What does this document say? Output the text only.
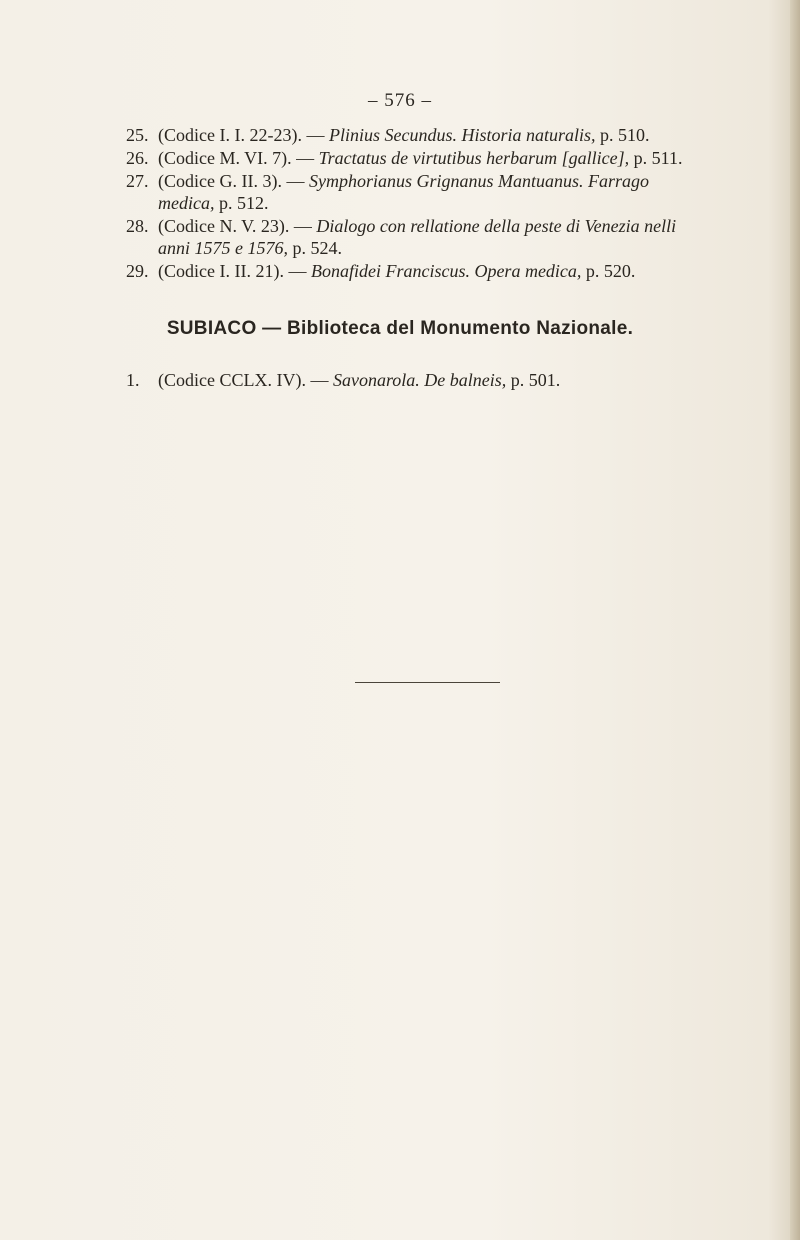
– 576 –
25. (Codice I. I. 22-23). — Plinius Secundus. Historia naturalis, p. 510.
26. (Codice M. VI. 7). — Tractatus de virtutibus herbarum [gallice], p. 511.
27. (Codice G. II. 3). — Symphorianus Grignanus Mantuanus. Farrago
medica, p. 512.
28. (Codice N. V. 23). — Dialogo con rellatione della peste di Venezia nelli
anni 1575 e 1576, p. 524.
29. (Codice I. II. 21). — Bonafidei Franciscus. Opera medica, p. 520.
SUBIACO — Biblioteca del Monumento Nazionale.
1. (Codice CCLX. IV). — Savonarola. De balneis, p. 501.
